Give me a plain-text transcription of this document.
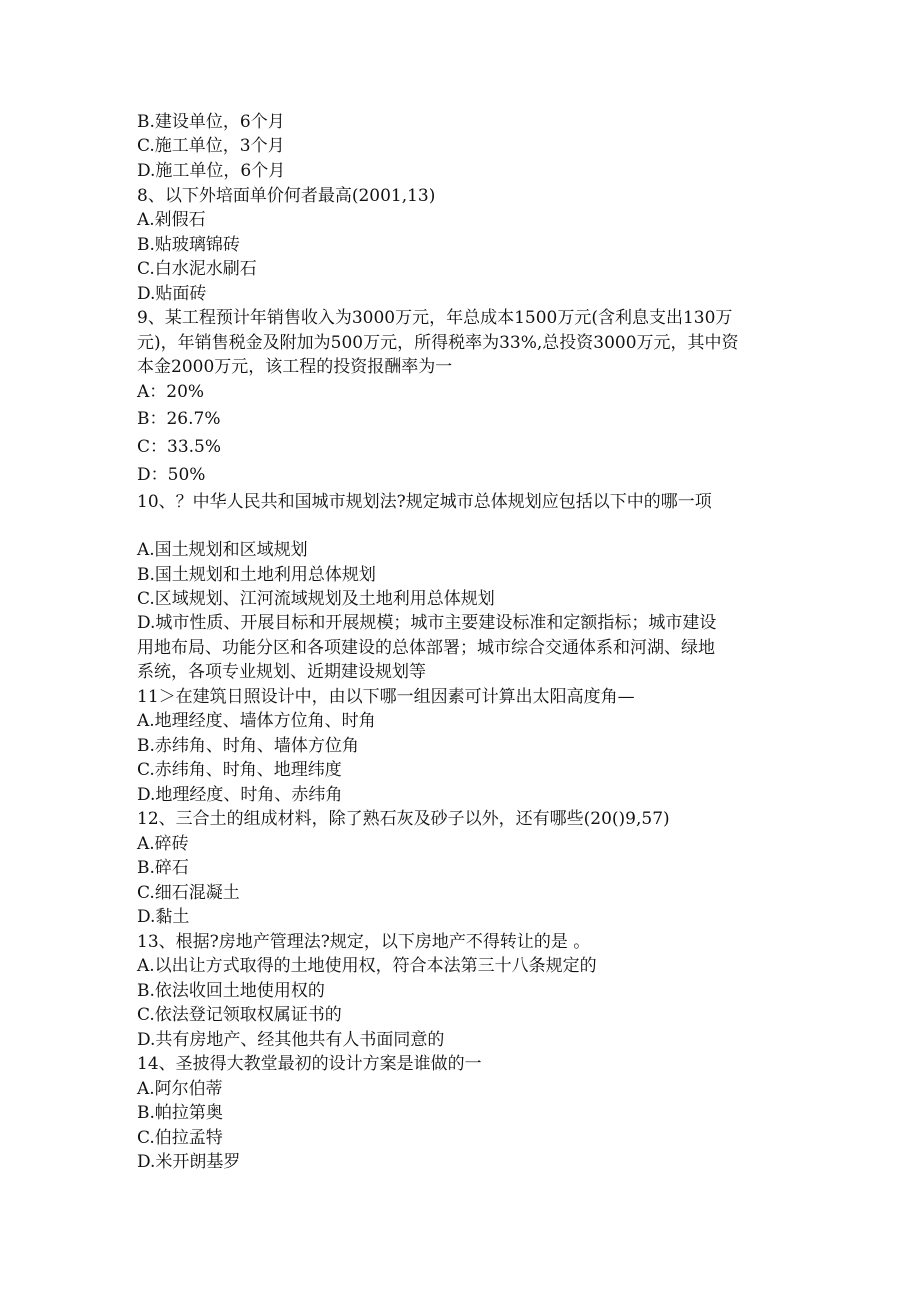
B.建设单位，6个月
C.施工单位，3个月
D.施工单位，6个月
8、以下外培面单价何者最高(2001,13)
A.剁假石
B.贴玻璃锦砖
C.白水泥水刷石
D.贴面砖
9、某工程预计年销售收入为3000万元，年总成本1500万元(含利息支出130万
元)，年销售税金及附加为500万元，所得税率为33%,总投资3000万元，其中资
本金2000万元，该工程的投资报酬率为一
A：20%
B：26.7%
C：33.5%
D：50%
10、？中华人民共和国城市规划法?规定城市总体规划应包括以下中的哪一项
A.国土规划和区域规划
B.国土规划和土地利用总体规划
C.区域规划、江河流域规划及土地利用总体规划
D.城市性质、开展目标和开展规模；城市主要建设标准和定额指标；城市建设
用地布局、功能分区和各项建设的总体部署；城市综合交通体系和河湖、绿地
系统，各项专业规划、近期建设规划等
11＞在建筑日照设计中，由以下哪一组因素可计算出太阳高度角—
A.地理经度、墙体方位角、时角
B.赤纬角、时角、墙体方位角
C.赤纬角、时角、地理纬度
D.地理经度、时角、赤纬角
12、三合土的组成材料，除了熟石灰及砂子以外，还有哪些(20()9,57)
A.碎砖
B.碎石
C.细石混凝土
D.黏土
13、根据?房地产管理法?规定，以下房地产不得转让的是 。
A.以出让方式取得的土地使用权，符合本法第三十八条规定的
B.依法收回土地使用权的
C.依法登记领取权属证书的
D.共有房地产、经其他共有人书面同意的
14、圣披得大教堂最初的设计方案是谁做的一
A.阿尔伯蒂
B.帕拉第奥
C.伯拉孟特
D.米开朗基罗
